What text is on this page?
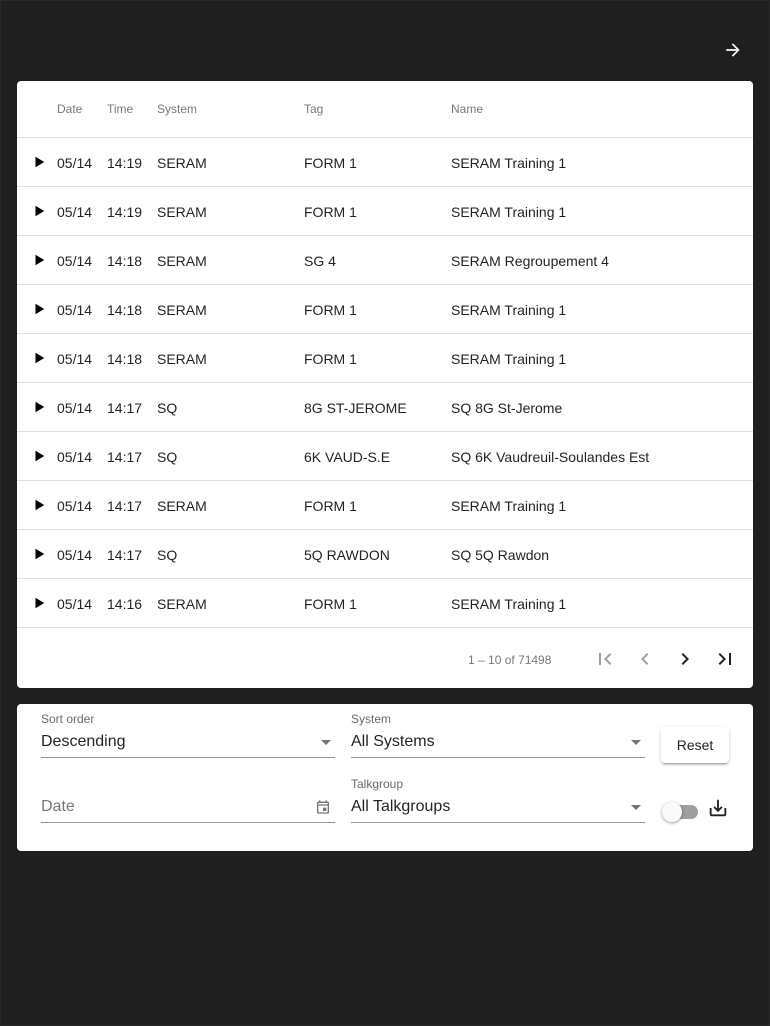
Date Time System	Tag	Name
05/14 14:19 SERAM	FORM 1	SERAM Training 1
05/14 14:19 SERAM	FORM 1	SERAM Training 1
05/14 14:18 SERAM	SG 4	SERAM Regroupement 4
05/14 14:18 SERAM	FORM 1	SERAM Training 1
05/14 14:18 SERAM	FORM 1	SERAM Training 1
05/14 14:17 SQ	8G ST-JEROME	SQ 8G St-Jerome
05/14 14:17 SQ	6K VAUD-S.E	SQ 6K Vaudreuil-Soulandes Est
05/14 14:17 SERAM	FORM 1	SERAM Training 1
05/14 14:17 SQ	5Q RAWDON	SQ 5Q Rawdon
05/14 14:16 SERAM	FORM 1	SERAM Training 1
1 – 10 of 71498
Sort order
Descending
System
All Systems	Reset
Date
Talkgroup
All Talkgroups
